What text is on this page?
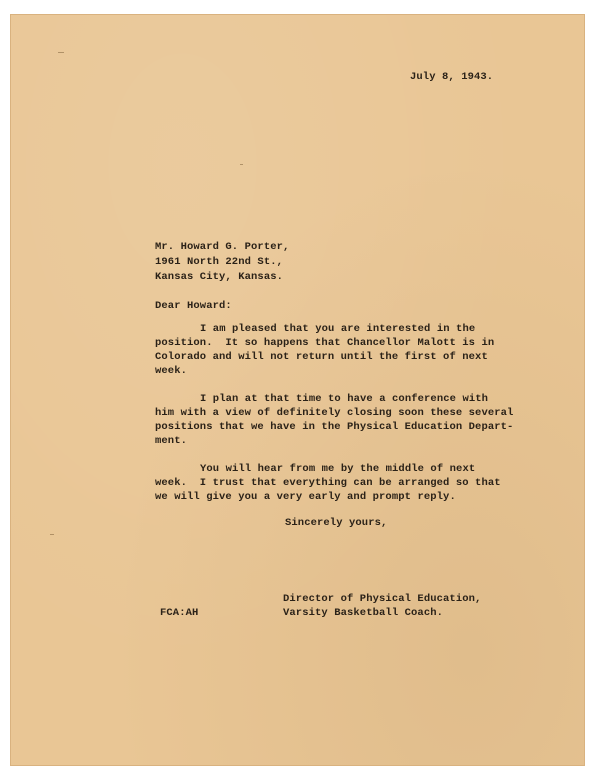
July 8, 1943.

Mr. Howard G. Porter,

1961 North 22nd St.,

Kansas City, Kansas.

Dear Howard:

I am pleased that you are interested in the

position.  It so happens that Chancellor Malott is in

Colorado and will not return until the first of next

week.

I plan at that time to have a conference with

him with a view of definitely closing soon these several

positions that we have in the Physical Education Depart-

ment.

You will hear from me by the middle of next

week.  I trust that everything can be arranged so that

we will give you a very early and prompt reply.

Sincerely yours,

Director of Physical Education,

Varsity Basketball Coach.

FCA:AH
